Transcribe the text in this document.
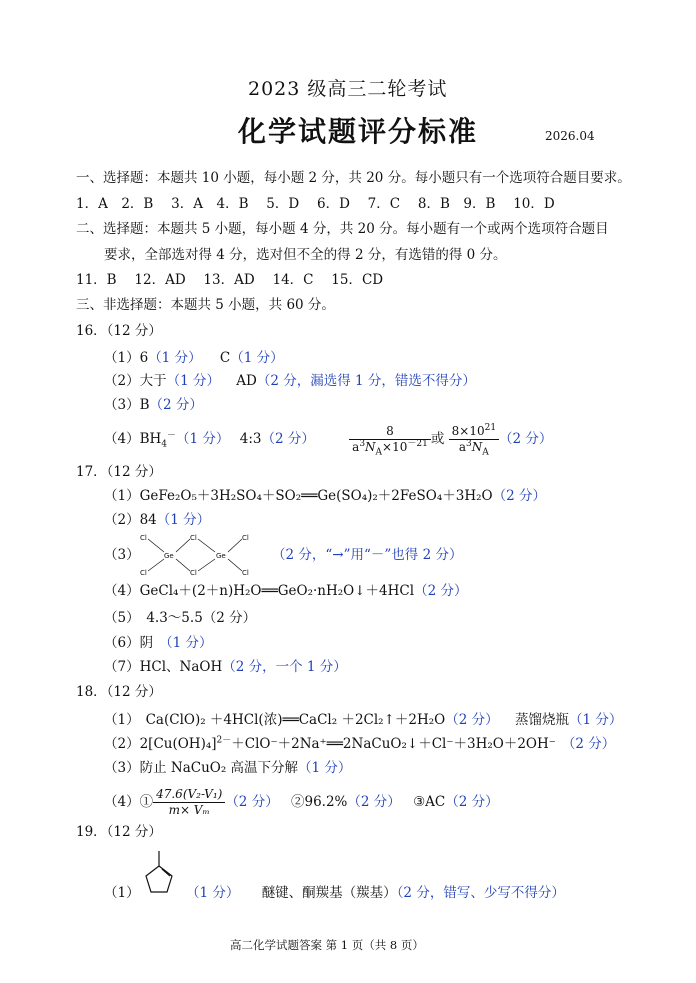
2023 级高三二轮考试
化学试题评分标准	2026.04
一、选择题：本题共 10 小题，每小题 2 分，共 20 分。每小题只有一个选项符合题目要求。
1．A　2．B　 3．A　4．B　 5．D　 6．D　 7．C　 8．B　9．B　 10．D
二、选择题：本题共 5 小题，每小题 4 分，共 20 分。每小题有一个或两个选项符合题目
要求，全部选对得 4 分，选对但不全的得 2 分，有选错的得 0 分。
11．B　 12．AD　 13．AD　 14．C　 15．CD
三、非选择题：本题共 5 小题，共 60 分。
16．（12 分）
（1）6（1 分） C（1 分）
（2）大于（1 分） AD（2 分，漏选得 1 分，错选不得分）
（3）B（2 分）
$(4)BH_4^-(1$ 分） 4:3（2 分）	$\frac{8}{a^3N_A\times 10^{-21}}$ 或 $\frac{8\times 10^{21}}{a^3N_A} (2$ 分）
17．（12 分）
（1）GeFe₂O₅＋3H₂SO₄＋SO₂══Ge(SO₄)₂＋2FeSO₄＋3H₂O（2 分）
（2）84（1 分）
（3）	Ge	Ge
Cl
Cl
Cl
Cl
Cl
Cl
（2 分，“→”用“－”也得 2 分）
（4）GeCl₄＋(2＋n)H₂O══GeO₂·nH₂O↓＋4HCl（2 分）
（5）　4.3～5.5（2 分）
（6）阴 （1 分）
（7）HCl、NaOH（2 分，一个 1 分）
18．（12 分）
（1） Ca(ClO)₂ ＋4HCl(浓)══CaCl₂ ＋2Cl₂↑＋2H₂O（2 分） 蒸馏烧瓶（1 分）
$(2)2[Cu(OH)_4]^{2-}+ClO^-+2Na^+══2NaCuO_2↓+Cl^-+3H_2O+2OH^-$ （2 分）
（3）防止 NaCuO₂ 高温下分解（1 分）
（4）① $\frac{\text{47.6(V₂-V₁)}}{\text{m× Vₘ}} (2$ 分） ②96.2%（2 分） ③AC（2 分）
19．（12 分）
（1）	（1 分） 醚键、酮羰基（羰基）（2 分，错写、少写不得分）
高二化学试题答案 第 1 页（共 8 页）
